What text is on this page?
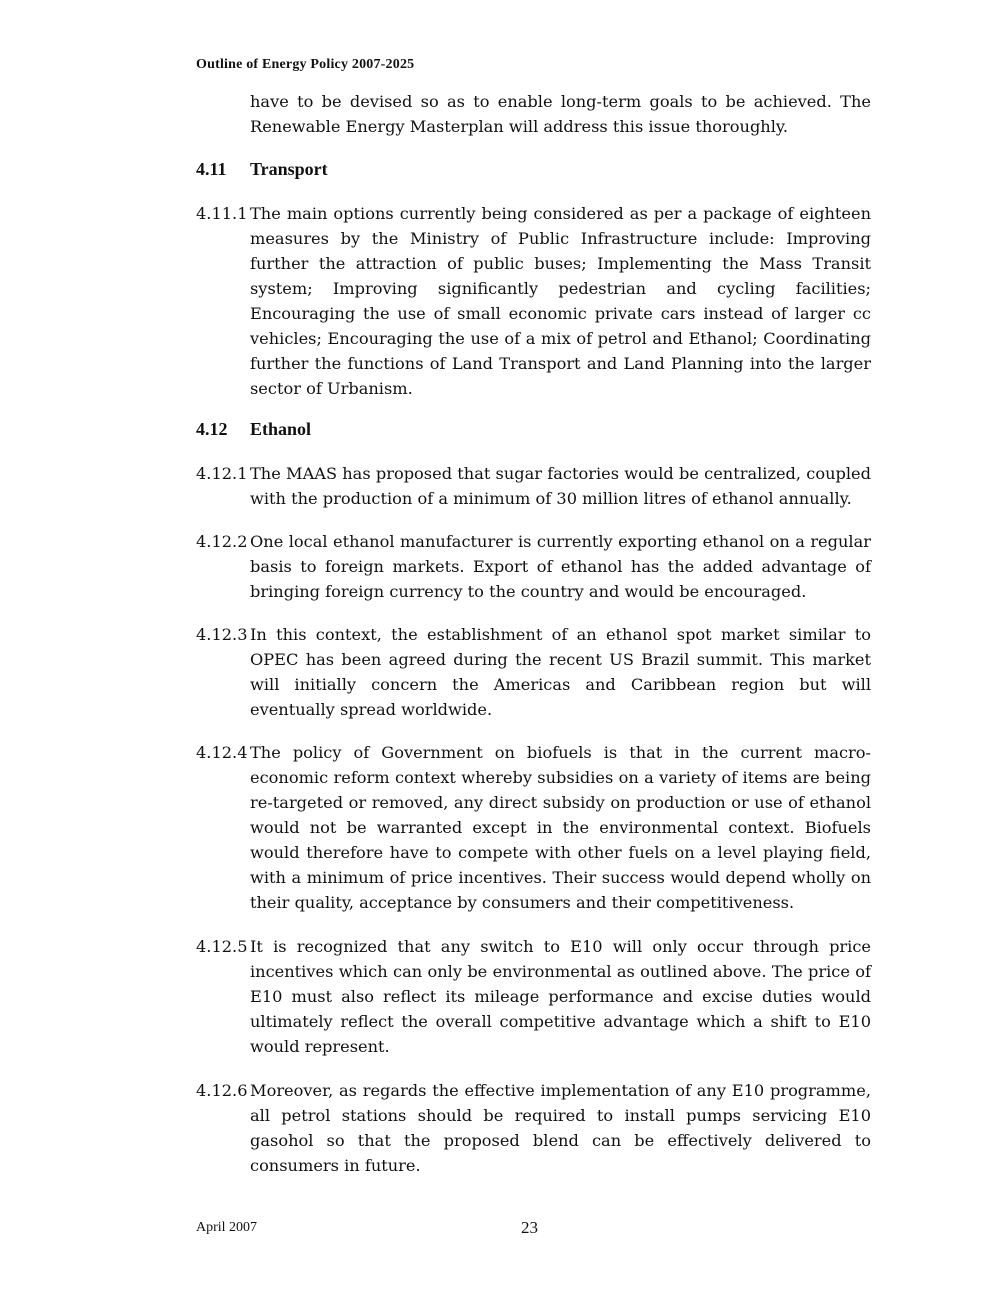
Outline of Energy Policy 2007-2025
have to be devised so as to enable long-term goals to be achieved. The Renewable Energy Masterplan will address this issue thoroughly.
4.11 Transport
4.11.1 The main options currently being considered as per a package of eighteen measures by the Ministry of Public Infrastructure include: Improving further the attraction of public buses; Implementing the Mass Transit system; Improving significantly pedestrian and cycling facilities; Encouraging the use of small economic private cars instead of larger cc vehicles; Encouraging the use of a mix of petrol and Ethanol; Coordinating further the functions of Land Transport and Land Planning into the larger sector of Urbanism.
4.12 Ethanol
4.12.1 The MAAS has proposed that sugar factories would be centralized, coupled with the production of a minimum of 30 million litres of ethanol annually.
4.12.2 One local ethanol manufacturer is currently exporting ethanol on a regular basis to foreign markets. Export of ethanol has the added advantage of bringing foreign currency to the country and would be encouraged.
4.12.3 In this context, the establishment of an ethanol spot market similar to OPEC has been agreed during the recent US Brazil summit. This market will initially concern the Americas and Caribbean region but will eventually spread worldwide.
4.12.4 The policy of Government on biofuels is that in the current macro-economic reform context whereby subsidies on a variety of items are being re-targeted or removed, any direct subsidy on production or use of ethanol would not be warranted except in the environmental context. Biofuels would therefore have to compete with other fuels on a level playing field, with a minimum of price incentives. Their success would depend wholly on their quality, acceptance by consumers and their competitiveness.
4.12.5 It is recognized that any switch to E10 will only occur through price incentives which can only be environmental as outlined above. The price of E10 must also reflect its mileage performance and excise duties would ultimately reflect the overall competitive advantage which a shift to E10 would represent.
4.12.6 Moreover, as regards the effective implementation of any E10 programme, all petrol stations should be required to install pumps servicing E10 gasohol so that the proposed blend can be effectively delivered to consumers in future.
April 2007	23
